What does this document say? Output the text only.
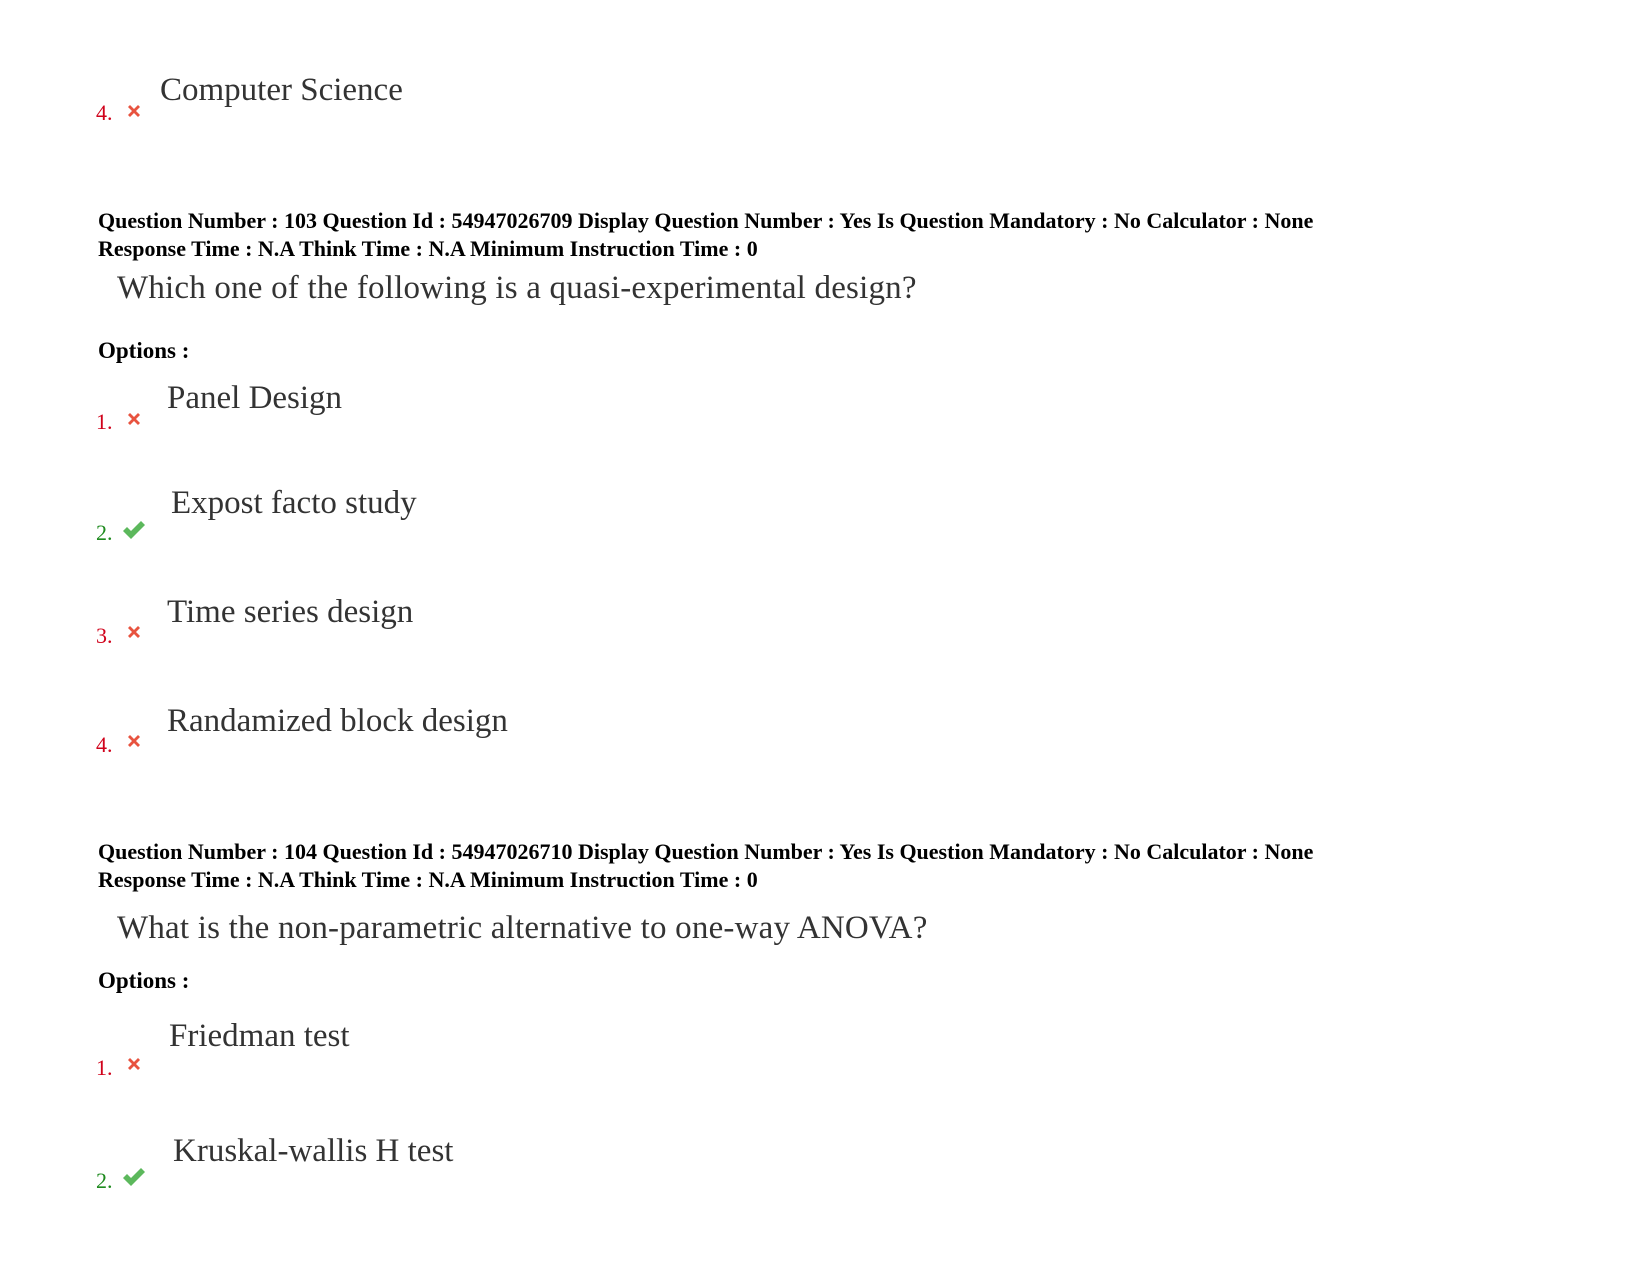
4.
Computer Science
Question Number : 103 Question Id : 54947026709 Display Question Number : Yes Is Question Mandatory : No Calculator : None
Response Time : N.A Think Time : N.A Minimum Instruction Time : 0
Which one of the following is a quasi-experimental design?
Options :
1.
Panel Design
2.
Expost facto study
3.
Time series design
4.
Randamized block design
Question Number : 104 Question Id : 54947026710 Display Question Number : Yes Is Question Mandatory : No Calculator : None
Response Time : N.A Think Time : N.A Minimum Instruction Time : 0
What is the non-parametric alternative to one-way ANOVA?
Options :
1.
Friedman test
2.
Kruskal-wallis H test
